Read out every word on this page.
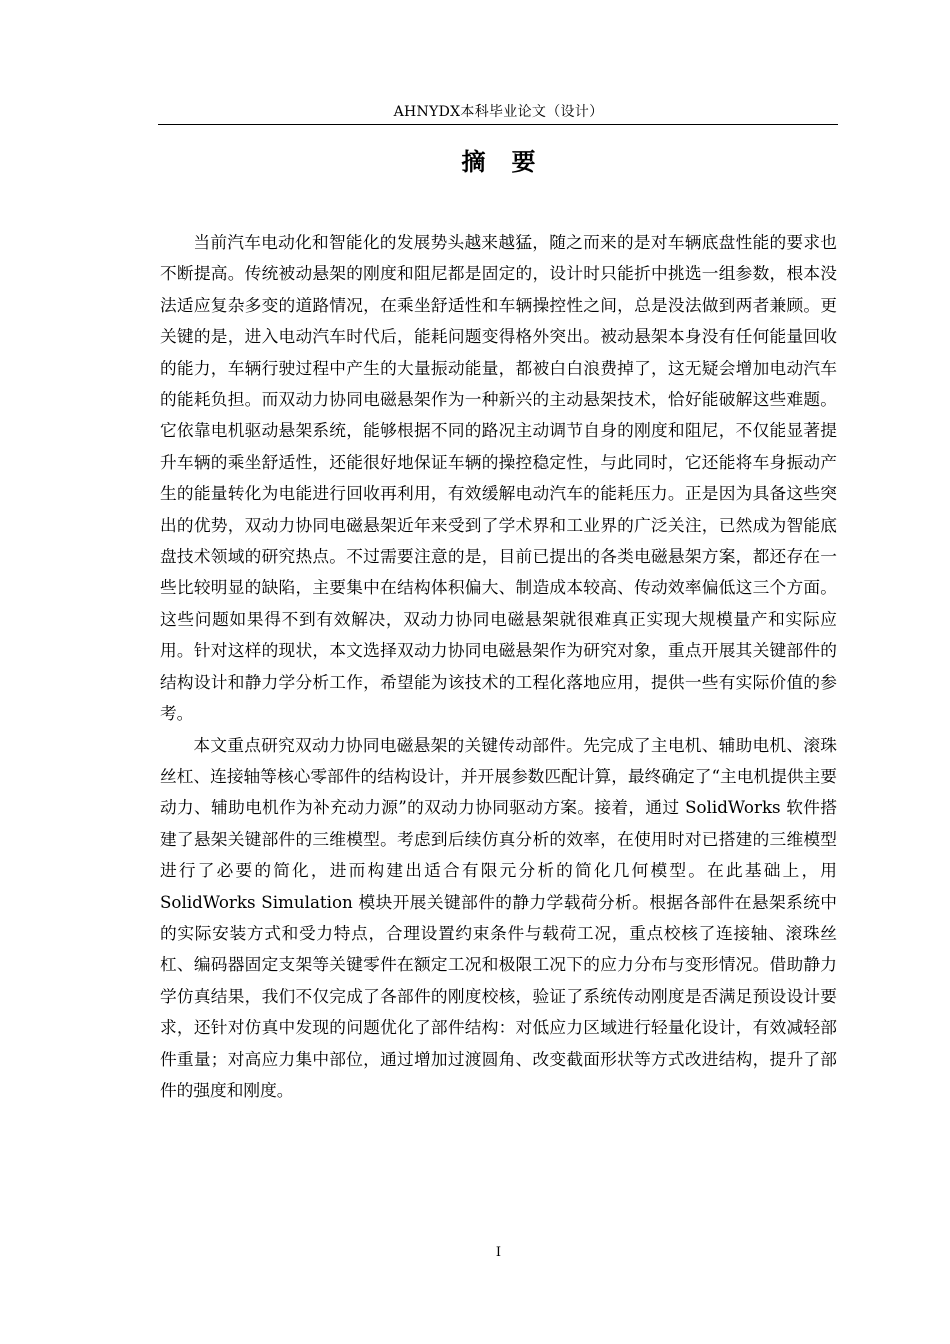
AHNYDX本科毕业论文（设计）
摘要

当前汽车电动化和智能化的发展势头越来越猛，随之而来的是对车辆底盘性能的要求也不断提高。传统被动悬架的刚度和阻尼都是固定的，设计时只能折中挑选一组参数，根本没法适应复杂多变的道路情况，在乘坐舒适性和车辆操控性之间，总是没法做到两者兼顾。更关键的是，进入电动汽车时代后，能耗问题变得格外突出。被动悬架本身没有任何能量回收的能力，车辆行驶过程中产生的大量振动能量，都被白白浪费掉了，这无疑会增加电动汽车的能耗负担。而双动力协同电磁悬架作为一种新兴的主动悬架技术，恰好能破解这些难题。它依靠电机驱动悬架系统，能够根据不同的路况主动调节自身的刚度和阻尼，不仅能显著提升车辆的乘坐舒适性，还能很好地保证车辆的操控稳定性，与此同时，它还能将车身振动产生的能量转化为电能进行回收再利用，有效缓解电动汽车的能耗压力。正是因为具备这些突出的优势，双动力协同电磁悬架近年来受到了学术界和工业界的广泛关注，已然成为智能底盘技术领域的研究热点。不过需要注意的是，目前已提出的各类电磁悬架方案，都还存在一些比较明显的缺陷，主要集中在结构体积偏大、制造成本较高、传动效率偏低这三个方面。这些问题如果得不到有效解决，双动力协同电磁悬架就很难真正实现大规模量产和实际应用。针对这样的现状，本文选择双动力协同电磁悬架作为研究对象，重点开展其关键部件的结构设计和静力学分析工作，希望能为该技术的工程化落地应用，提供一些有实际价值的参考。

本文重点研究双动力协同电磁悬架的关键传动部件。先完成了主电机、辅助电机、滚珠丝杠、连接轴等核心零部件的结构设计，并开展参数匹配计算，最终确定了“主电机提供主要动力、辅助电机作为补充动力源”的双动力协同驱动方案。接着，通过 SolidWorks 软件搭建了悬架关键部件的三维模型。考虑到后续仿真分析的效率，在使用时对已搭建的三维模型进行了必要的简化，进而构建出适合有限元分析的简化几何模型。在此基础上，用 SolidWorks Simulation 模块开展关键部件的静力学载荷分析。根据各部件在悬架系统中的实际安装方式和受力特点，合理设置约束条件与载荷工况，重点校核了连接轴、滚珠丝杠、编码器固定支架等关键零件在额定工况和极限工况下的应力分布与变形情况。借助静力学仿真结果，我们不仅完成了各部件的刚度校核，验证了系统传动刚度是否满足预设设计要求，还针对仿真中发现的问题优化了部件结构：对低应力区域进行轻量化设计，有效减轻部件重量；对高应力集中部位，通过增加过渡圆角、改变截面形状等方式改进结构，提升了部件的强度和刚度。

I
